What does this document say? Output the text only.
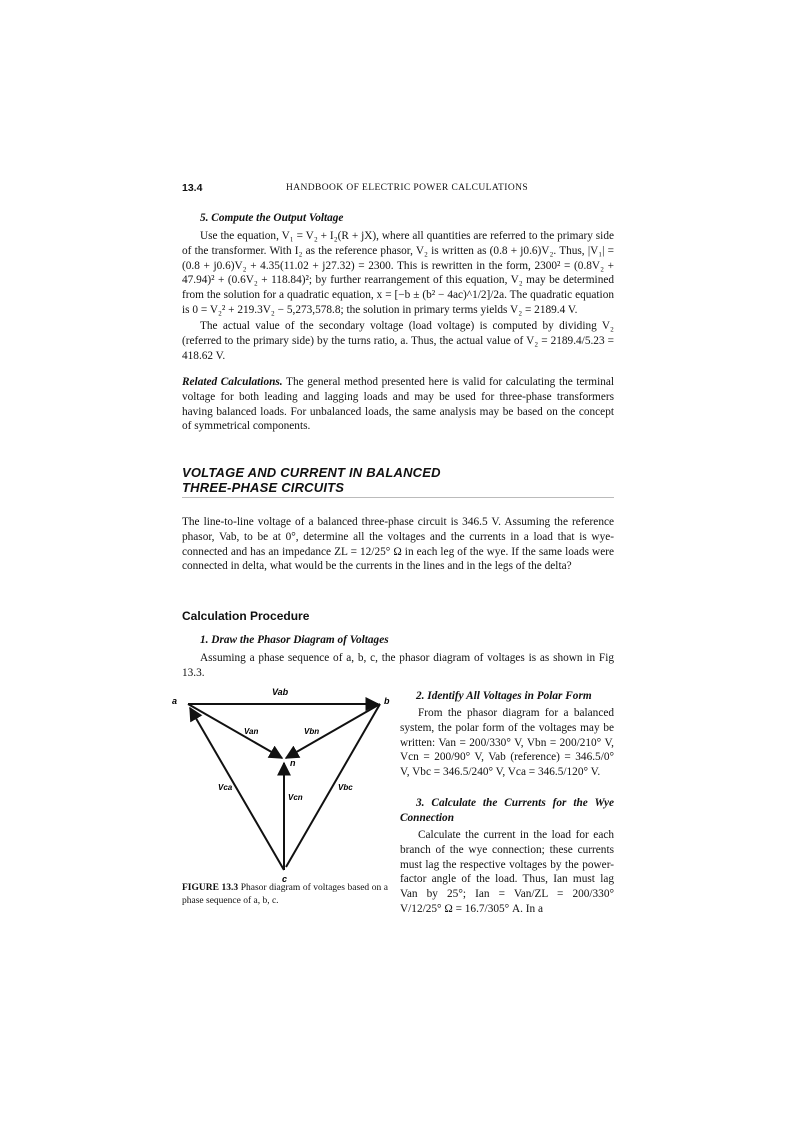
13.4	HANDBOOK OF ELECTRIC POWER CALCULATIONS
5. Compute the Output Voltage
Use the equation, V₁ = V₂ + I₂(R + jX), where all quantities are referred to the primary side of the transformer. With I₂ as the reference phasor, V₂ is written as (0.8 + j0.6)V₂. Thus, |V₁| = (0.8 + j0.6)V₂ + 4.35(11.02 + j27.32) = 2300. This is rewritten in the form, 2300² = (0.8V₂ + 47.94)² + (0.6V₂ + 118.84)²; by further rearrangement of this equation, V₂ may be determined from the solution for a quadratic equation, x = [−b ± (b² − 4ac)^1/2]/2a. The quadratic equation is 0 = V₂² + 219.3V₂ − 5,273,578.8; the solution in primary terms yields V₂ = 2189.4 V.
The actual value of the secondary voltage (load voltage) is computed by dividing V₂ (referred to the primary side) by the turns ratio, a. Thus, the actual value of V₂ = 2189.4/5.23 = 418.62 V.
Related Calculations. The general method presented here is valid for calculating the terminal voltage for both leading and lagging loads and may be used for three-phase transformers having balanced loads. For unbalanced loads, the same analysis may be based on the concept of symmetrical components.
VOLTAGE AND CURRENT IN BALANCED
THREE-PHASE CIRCUITS
The line-to-line voltage of a balanced three-phase circuit is 346.5 V. Assuming the reference phasor, Vab, to be at 0°, determine all the voltages and the currents in a load that is wye-connected and has an impedance ZL = 12/25° Ω in each leg of the wye. If the same loads were connected in delta, what would be the currents in the lines and in the legs of the delta?
Calculation Procedure
1. Draw the Phasor Diagram of Voltages
Assuming a phase sequence of a, b, c, the phasor diagram of voltages is as shown in Fig 13.3.
a	b
c
n
Vab
Van	Vbn
Vca
Vcn
Vbc
FIGURE 13.3 Phasor diagram of voltages based on a phase sequence of a, b, c.
2. Identify All Voltages in Polar Form
From the phasor diagram for a balanced system, the polar form of the voltages may be written: Van = 200/330° V, Vbn = 200/210° V, Vcn = 200/90° V, Vab (reference) = 346.5/0° V, Vbc = 346.5/240° V, Vca = 346.5/120° V.
3. Calculate the Currents for the Wye Connection
Calculate the current in the load for each branch of the wye connection; these currents must lag the respective voltages by the power-factor angle of the load. Thus, Ian must lag Van by 25°; Ian = Van/ZL = 200/330° V/12/25° Ω = 16.7/305° A. In a
